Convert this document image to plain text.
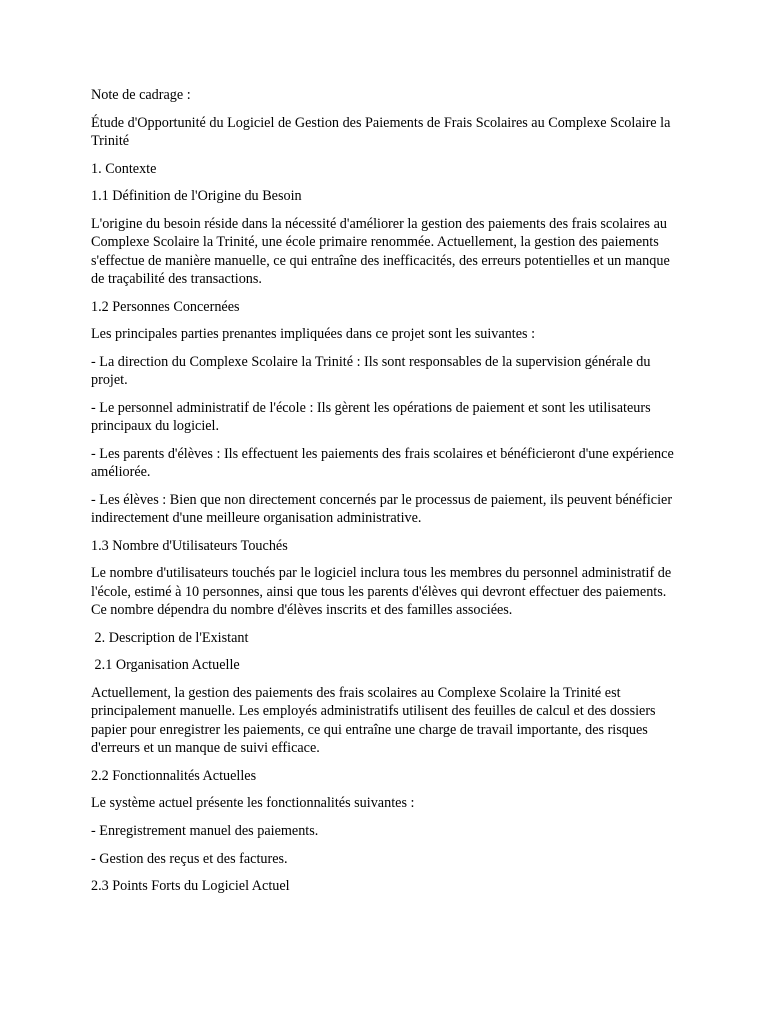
Note de cadrage :

Étude d'Opportunité du Logiciel de Gestion des Paiements de Frais Scolaires au Complexe Scolaire la Trinité

1. Contexte

1.1 Définition de l'Origine du Besoin

L'origine du besoin réside dans la nécessité d'améliorer la gestion des paiements des frais scolaires au Complexe Scolaire la Trinité, une école primaire renommée. Actuellement, la gestion des paiements s'effectue de manière manuelle, ce qui entraîne des inefficacités, des erreurs potentielles et un manque de traçabilité des transactions.

1.2 Personnes Concernées

Les principales parties prenantes impliquées dans ce projet sont les suivantes :

- La direction du Complexe Scolaire la Trinité : Ils sont responsables de la supervision générale du projet.

- Le personnel administratif de l'école : Ils gèrent les opérations de paiement et sont les utilisateurs principaux du logiciel.

- Les parents d'élèves : Ils effectuent les paiements des frais scolaires et bénéficieront d'une expérience améliorée.

- Les élèves : Bien que non directement concernés par le processus de paiement, ils peuvent bénéficier indirectement d'une meilleure organisation administrative.

1.3 Nombre d'Utilisateurs Touchés

Le nombre d'utilisateurs touchés par le logiciel inclura tous les membres du personnel administratif de l'école, estimé à 10 personnes, ainsi que tous les parents d'élèves qui devront effectuer des paiements. Ce nombre dépendra du nombre d'élèves inscrits et des familles associées.

2. Description de l'Existant

2.1 Organisation Actuelle

Actuellement, la gestion des paiements des frais scolaires au Complexe Scolaire la Trinité est principalement manuelle. Les employés administratifs utilisent des feuilles de calcul et des dossiers papier pour enregistrer les paiements, ce qui entraîne une charge de travail importante, des risques d'erreurs et un manque de suivi efficace.

2.2 Fonctionnalités Actuelles

Le système actuel présente les fonctionnalités suivantes :

- Enregistrement manuel des paiements.

- Gestion des reçus et des factures.

2.3 Points Forts du Logiciel Actuel
